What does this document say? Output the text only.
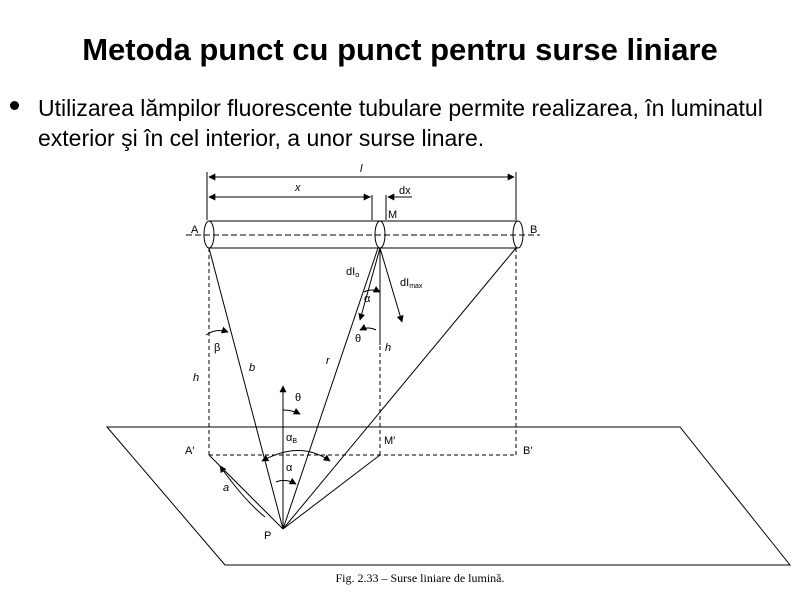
Metoda punct cu punct pentru surse liniare
Utilizarea lămpilor fluorescente tubulare permite realizarea, în luminatul exterior şi în cel interior, a unor surse linare.
l
x	dx
M
A	B
dIα
dImax
α
θ
β	h
r
b
h
θ
αB
A′
M′
B′
α
a
P
Fig. 2.33 – Surse liniare de lumină.
